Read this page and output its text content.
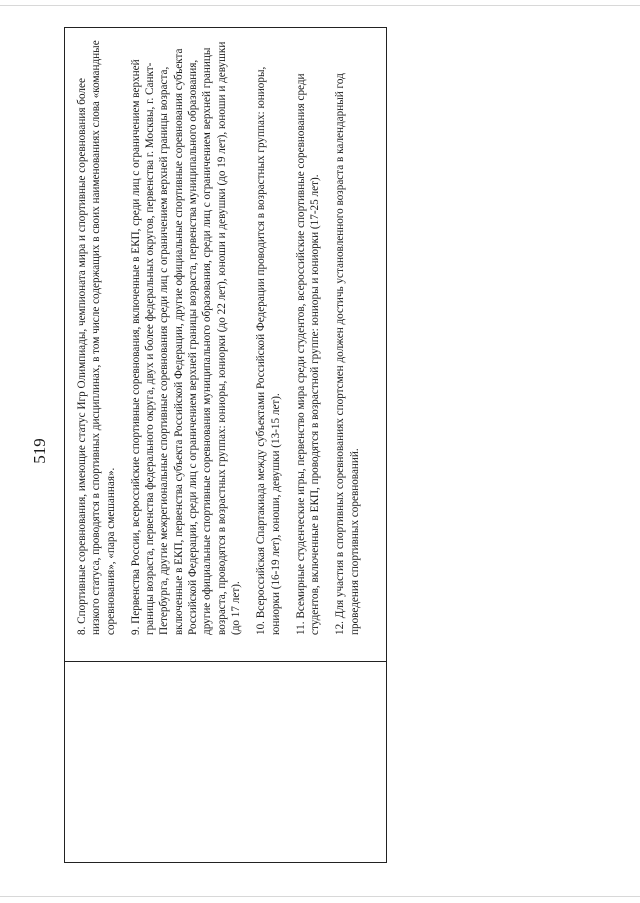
519 8. Спортивные соревнования, имеющие статус Игр Олимпиады, чемпионата мира и спортивные соревнования более низкого статуса, проводятся в спортивных дисциплинах, в том числе содержащих в своих наименованиях слова «командные соревнования», «пара смешанная». 9. Первенства России, всероссийские спортивные соревнования, включенные в ЕКП, среди лиц с ограничением верхней границы возраста, первенства федерального округа, двух и более федеральных округов, первенства г. Москвы, г. Санкт-Петербурга, другие межрегиональные спортивные соревнования среди лиц с ограничением верхней границы возраста, включенные в ЕКП, первенства субъекта Российской Федерации, другие официальные спортивные соревнования субъекта Российской Федерации, среди лиц с ограничением верхней границы возраста, первенства муниципального образования, другие официальные спортивные соревнования муниципального образования, среди лиц с ограничением верхней границы возраста, проводятся в возрастных группах: юниоры, юниорки (до 22 лет), юноши и девушки (до 19 лет), юноши и девушки (до 17 лет). 10. Всероссийская Спартакиада между субъектами Российской Федерации проводится в возрастных группах: юниоры, юниорки (16-19 лет), юноши, девушки (13-15 лет). 11. Всемирные студенческие игры, первенство мира среди студентов, всероссийские спортивные соревнования среди студентов, включенные в ЕКП, проводятся в возрастной группе: юниоры и юниорки (17-25 лет). 12. Для участия в спортивных соревнованиях спортсмен должен достичь установленного возраста в календарный год проведения спортивных соревнований.
